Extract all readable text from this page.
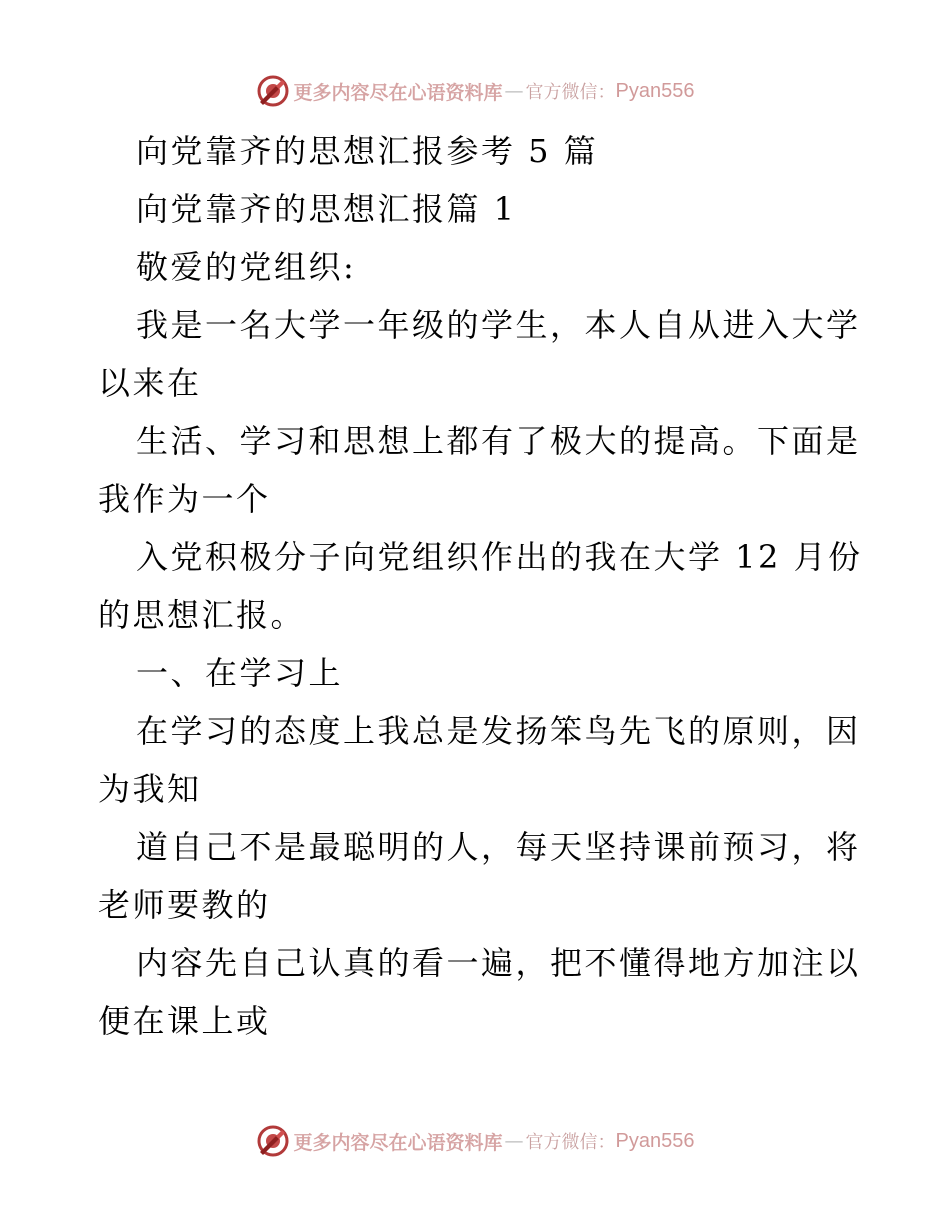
更多内容尽在心语资料库 — 官方微信： Pyan556
向党靠齐的思想汇报参考 5 篇
向党靠齐的思想汇报篇 1
敬爱的党组织:
我是一名大学一年级的学生，本人自从进入大学
以来在
生活、学习和思想上都有了极大的提高。下面是
我作为一个
入党积极分子向党组织作出的我在大学 12 月份
的思想汇报。
一、在学习上
在学习的态度上我总是发扬笨鸟先飞的原则，因
为我知
道自己不是最聪明的人，每天坚持课前预习，将
老师要教的
内容先自己认真的看一遍，把不懂得地方加注以
便在课上或
更多内容尽在心语资料库 — 官方微信： Pyan556
